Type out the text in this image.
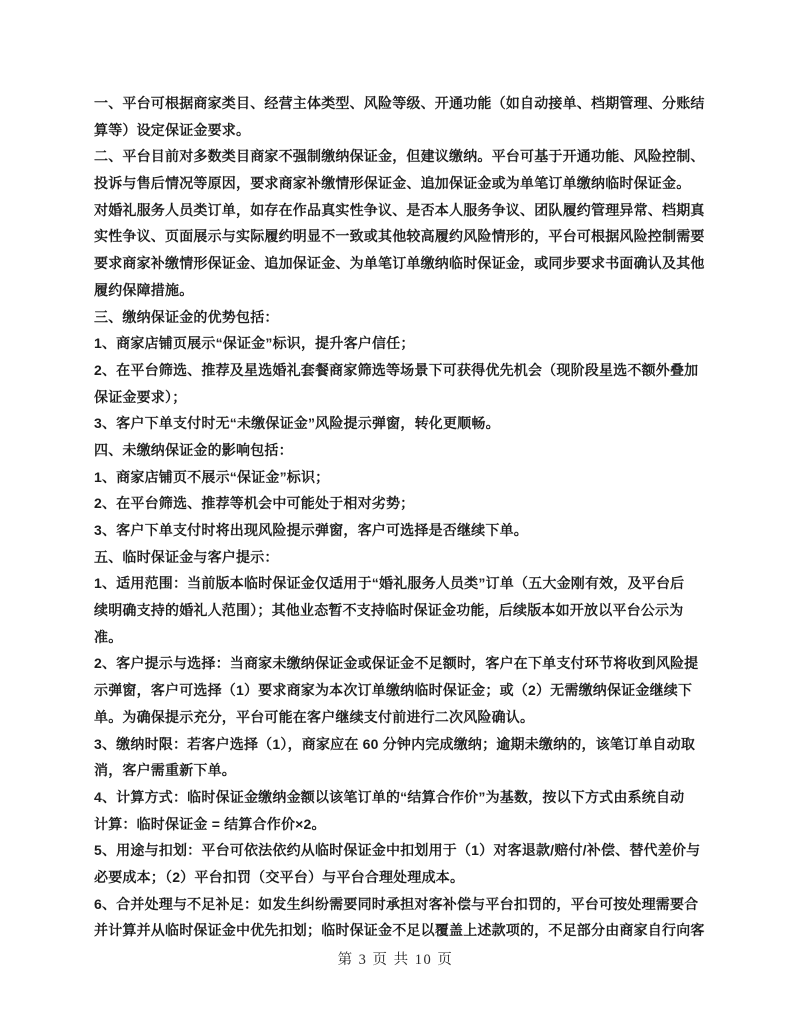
一、平台可根据商家类目、经营主体类型、风险等级、开通功能（如自动接单、档期管理、分账结
算等）设定保证金要求。
二、平台目前对多数类目商家不强制缴纳保证金，但建议缴纳。平台可基于开通功能、风险控制、
投诉与售后情况等原因，要求商家补缴情形保证金、追加保证金或为单笔订单缴纳临时保证金。
对婚礼服务人员类订单，如存在作品真实性争议、是否本人服务争议、团队履约管理异常、档期真
实性争议、页面展示与实际履约明显不一致或其他较高履约风险情形的，平台可根据风险控制需要
要求商家补缴情形保证金、追加保证金、为单笔订单缴纳临时保证金，或同步要求书面确认及其他
履约保障措施。
三、缴纳保证金的优势包括：
1、商家店铺页展示“保证金”标识，提升客户信任；
2、在平台筛选、推荐及星选婚礼套餐商家筛选等场景下可获得优先机会（现阶段星选不额外叠加
保证金要求）；
3、客户下单支付时无“未缴保证金”风险提示弹窗，转化更顺畅。
四、未缴纳保证金的影响包括：
1、商家店铺页不展示“保证金”标识；
2、在平台筛选、推荐等机会中可能处于相对劣势；
3、客户下单支付时将出现风险提示弹窗，客户可选择是否继续下单。
五、临时保证金与客户提示：
1、适用范围：当前版本临时保证金仅适用于“婚礼服务人员类”订单（五大金刚有效，及平台后
续明确支持的婚礼人范围）；其他业态暂不支持临时保证金功能，后续版本如开放以平台公示为
准。
2、客户提示与选择：当商家未缴纳保证金或保证金不足额时，客户在下单支付环节将收到风险提
示弹窗，客户可选择（1）要求商家为本次订单缴纳临时保证金；或（2）无需缴纳保证金继续下
单。为确保提示充分，平台可能在客户继续支付前进行二次风险确认。
3、缴纳时限：若客户选择（1），商家应在 60 分钟内完成缴纳；逾期未缴纳的，该笔订单自动取
消，客户需重新下单。
4、计算方式：临时保证金缴纳金额以该笔订单的“结算合作价”为基数，按以下方式由系统自动
计算：临时保证金 = 结算合作价×2。
5、用途与扣划：平台可依法依约从临时保证金中扣划用于（1）对客退款/赔付/补偿、替代差价与
必要成本；（2）平台扣罚（交平台）与平台合理处理成本。
6、合并处理与不足补足：如发生纠纷需要同时承担对客补偿与平台扣罚的，平台可按处理需要合
并计算并从临时保证金中优先扣划；临时保证金不足以覆盖上述款项的，不足部分由商家自行向客
第 3 页 共 10 页
